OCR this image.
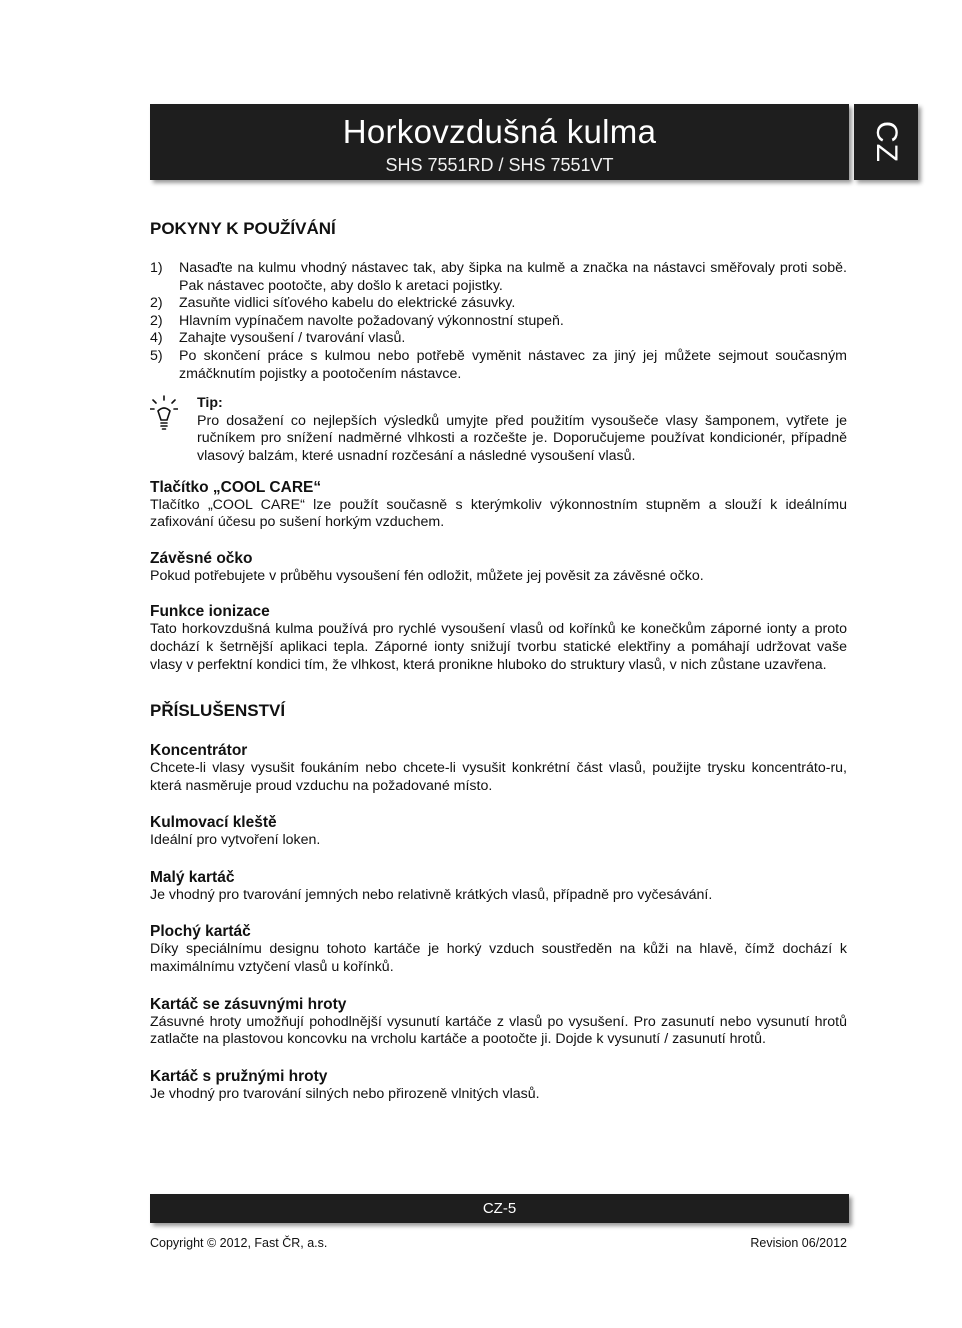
Horkovzdušná kulma
SHS 7551RD / SHS 7551VT
CZ
POKYNY K POUŽÍVÁNÍ
1)	Nasaďte na kulmu vhodný nástavec tak, aby šipka na kulmě a značka na nástavci směřovaly proti sobě. Pak nástavec pootočte, aby došlo k aretaci pojistky.
2)	Zasuňte vidlici síťového kabelu do elektrické zásuvky.
2)	Hlavním vypínačem navolte požadovaný výkonnostní stupeň.
4)	Zahajte vysoušení / tvarování vlasů.
5)	Po skončení práce s kulmou nebo potřebě vyměnit nástavec za jiný jej můžete sejmout současným zmáčknutím pojistky a pootočením nástavce.
Tip:

Pro dosažení co nejlepších výsledků umyjte před použitím vysoušeče vlasy šamponem, vytřete je ručníkem pro snížení nadměrné vlhkosti a rozčešte je. Doporučujeme používat kondicionér, případně vlasový balzám, které usnadní rozčesání a následné vysoušení vlasů.

Tlačítko „COOL CARE“

Tlačítko „COOL CARE“ lze použít současně s kterýmkoliv výkonnostním stupněm a slouží k ideálnímu zafixování účesu po sušení horkým vzduchem.

Závěsné očko

Pokud potřebujete v průběhu vysoušení fén odložit, můžete jej pověsit za závěsné očko.

Funkce ionizace

Tato horkovzdušná kulma používá pro rychlé vysoušení vlasů od kořínků ke konečkům záporné ionty a proto dochází k šetrnější aplikaci tepla. Záporné ionty snižují tvorbu statické elektřiny a pomáhají udržovat vaše vlasy v perfektní kondici tím, že vlhkost, která pronikne hluboko do struktury vlasů, v nich zůstane uzavřena.

PŘÍSLUŠENSTVÍ
Koncentrátor

Chcete-li vlasy vysušit foukáním nebo chcete-li vysušit konkrétní část vlasů, použijte trysku koncentráto-ru, která nasměruje proud vzduchu na požadované místo.

Kulmovací kleště

Ideální pro vytvoření loken.

Malý kartáč

Je vhodný pro tvarování jemných nebo relativně krátkých vlasů, případně pro vyčesávání.

Plochý kartáč

Díky speciálnímu designu tohoto kartáče je horký vzduch soustředěn na kůži na hlavě, čímž dochází k maximálnímu vztyčení vlasů u kořínků.

Kartáč se zásuvnými hroty

Zásuvné hroty umožňují pohodlnější vysunutí kartáče z vlasů po vysušení. Pro zasunutí nebo vysunutí hrotů zatlačte na plastovou koncovku na vrcholu kartáče a pootočte ji. Dojde k vysunutí / zasunutí hrotů.

Kartáč s pružnými hroty

Je vhodný pro tvarování silných nebo přirozeně vlnitých vlasů.

CZ-5
Copyright © 2012, Fast ČR, a.s.	Revision 06/2012
